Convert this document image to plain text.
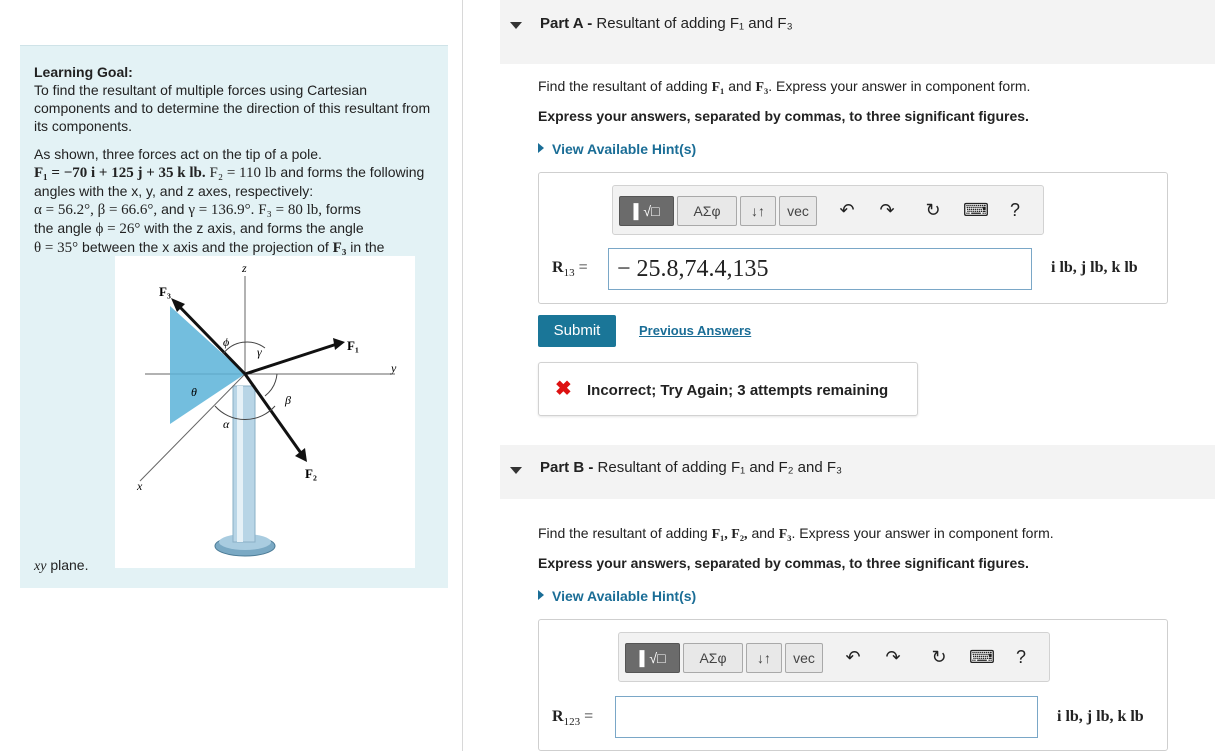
Learning Goal:
To find the resultant of multiple forces using Cartesian components and to determine the direction of this resultant from its components.
As shown, three forces act on the tip of a pole.
F₁ = −70 i + 125 j + 35 k lb. F₂ = 110 lb and forms the following angles with the x, y, and z axes, respectively:
α = 56.2°, β = 66.6°, and γ = 136.9°. F₃ = 80 lb, forms
the angle ϕ = 26° with the z axis, and forms the angle
θ = 35° between the x axis and the projection of F₃ in the
z
F₃
ϕ
γ	F₁
y
θ
β
α
F₂
x
xy plane.
Part A - Resultant of adding F₁ and F₃
Find the resultant of adding F₁ and F₃. Express your answer in component form.
Express your answers, separated by commas, to three significant figures.
View Available Hint(s)
▌√□	ΑΣφ	↓↑	vec	↶ ↷ ↻ ⌨	?
$R_{13}$ =	− 25.8,74.4,135	i lb, j lb, k lb
Submit	Previous Answers
✖ Incorrect; Try Again; 3 attempts remaining
Part B - Resultant of adding F₁ and F₂ and F₃
Find the resultant of adding F₁, F₂, and F₃. Express your answer in component form.
Express your answers, separated by commas, to three significant figures.
View Available Hint(s)
▌√□	ΑΣφ	↓↑	vec	↶ ↷ ↻ ⌨	?
$R_{123}$ =	i lb, j lb, k lb
